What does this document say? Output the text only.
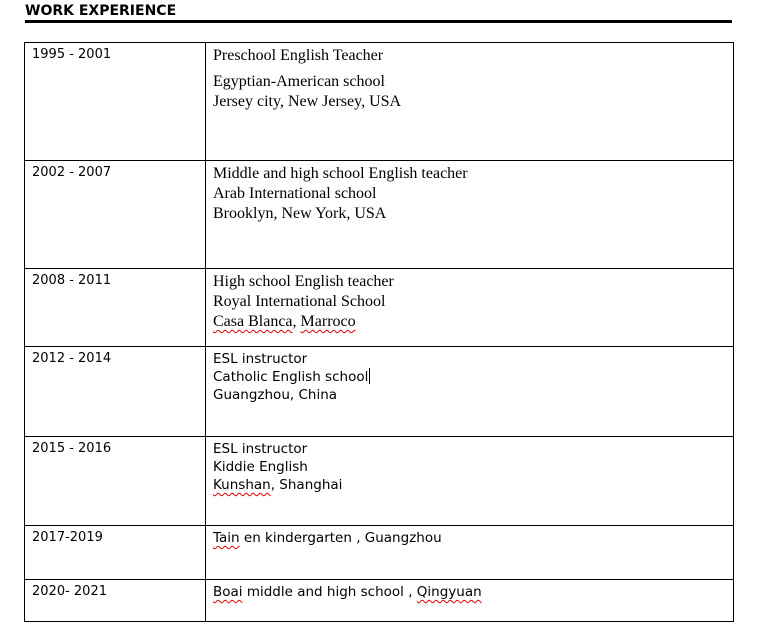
WORK EXPERIENCE
1995 - 2001	Preschool English Teacher
Egyptian-American school
Jersey city, New Jersey, USA

2002 - 2007	Middle and high school English teacher
Arab International school
Brooklyn, New York, USA

2008 - 2011	High school English teacher
Royal International School
Casa Blanca, Marroco

2012 - 2014	ESL instructor
Catholic English school
Guangzhou, China

2015 - 2016	ESL instructor
Kiddie English
Kunshan, Shanghai

2017-2019	Tain en kindergarten , Guangzhou

2020- 2021	Boai middle and high school , Qingyuan
